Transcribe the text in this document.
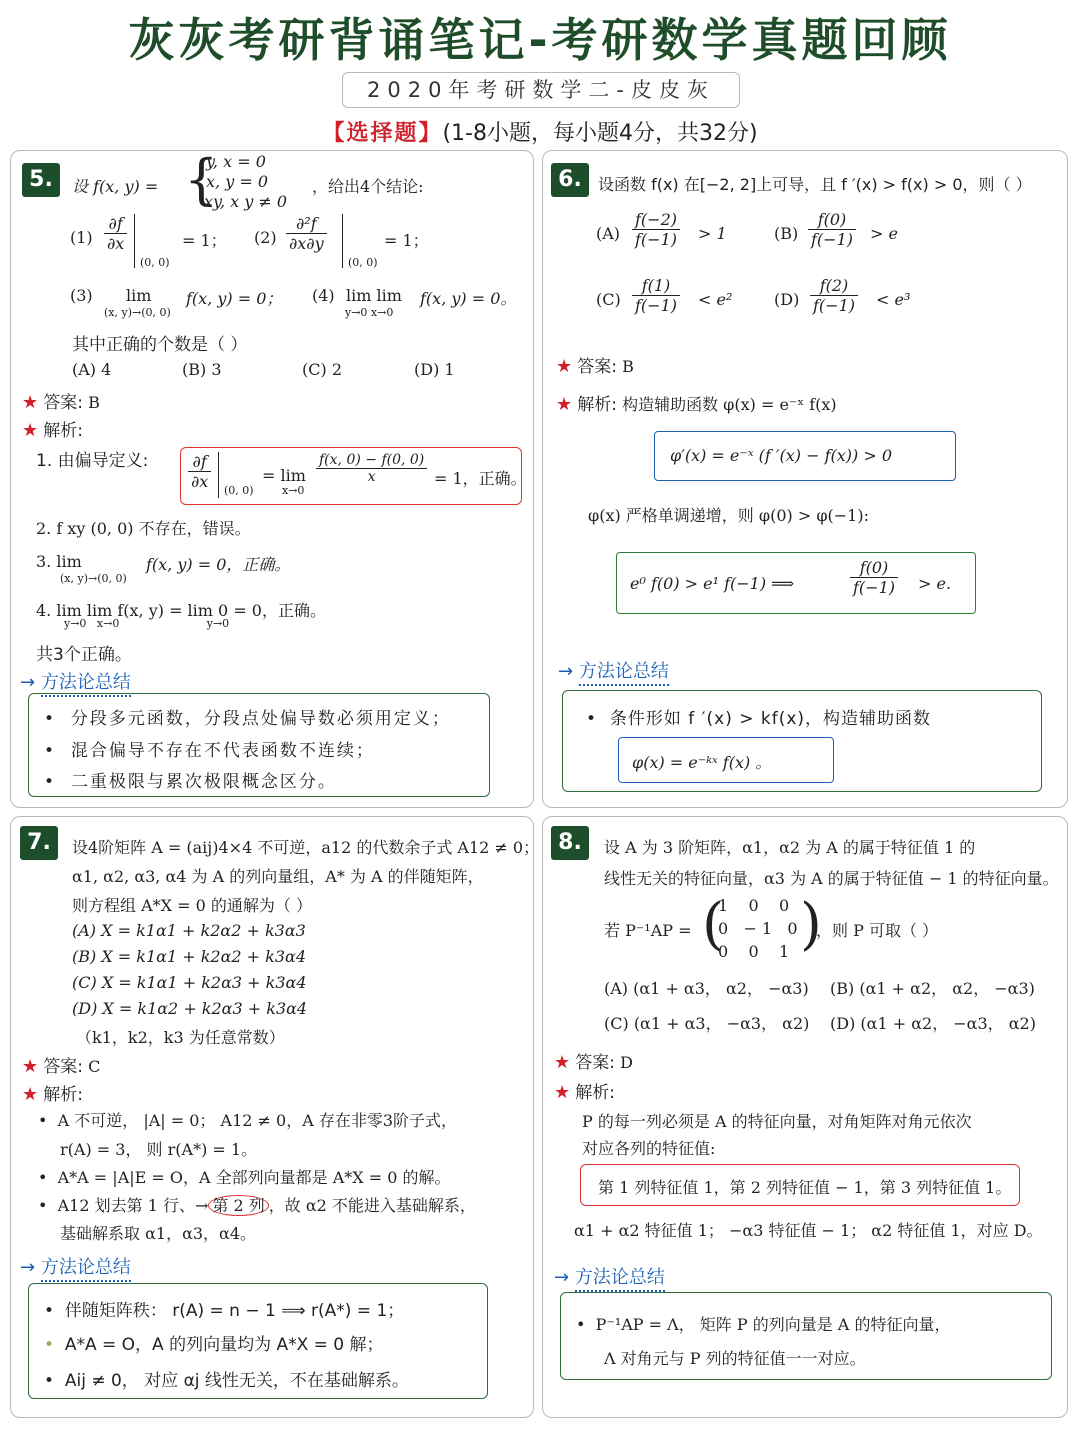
灰灰考研背诵笔记-考研数学真题回顾
2020年考研数学二-皮皮灰
【选择题】(1-8小题，每小题4分，共32分)
5.	设 f(x, y) = {
y, x = 0
x, y = 0
xy, x y ≠ 0
，给出4个结论:
$(1) \frac{\partial f}{\partial x}$
(0, 0)
= 1； $(2) \frac{\text{∂²f}}{\partial x\partial y}$
(0, 0)
= 1；
(3) lim
(x, y)→(0, 0)
f(x, y) = 0； (4) lim lim
y→0 x→0
f(x, y) = 0。
其中正确的个数是（ ）
(A) 4	(B) 3	(C) 2	(D) 1
★ 答案: B
★ 解析:
1. 由偏导定义: $\frac{\partial f}{\partial x} (0$, 0)
= lim
x→0
$\frac{f(x, 0) - f(0, 0)}{x} = 1$，正确。
2. f xy (0, 0) 不存在，错误。
3. lim
(x, y)→(0, 0)
f(x, y) = 0，正确。
4. lim lim f(x, y) = lim 0 = 0，正确。
y→0   x→0                         y→0
共3个正确。
→ 方法论总结
•  分段多元函数，分段点处偏导数必须用定义；
•  混合偏导不存在不代表函数不连续；
•  二重极限与累次极限概念区分。
6.	设函数 f(x) 在[−2, 2]上可导，且 f ′(x) > f(x) > 0，则（ ）
$(A) \frac{f(-2)}{f(-1)} > 1$	$(B) \frac{f(0)}{f(-1)} > e$
$(C) \frac{f(1)}{f(-1)} < e^2$	$(D) \frac{f(2)}{f(-1)} < e^3$
★ 答案: B
★ 解析: 构造辅助函数 φ(x) = e⁻ˣ f(x)
φ′(x) = e⁻ˣ (f ′(x) − f(x)) > 0
φ(x) 严格单调递增，则 φ(0) > φ(−1):
e⁰ f(0) > e¹ f(−1) ⟹	$\frac{f(0)}{f(-1)} > e$.
→ 方法论总结
•  条件形如 f ′(x) > kf(x)，构造辅助函数
φ(x) = e⁻ᵏˣ f(x) 。
7.	设4阶矩阵 A = (aij)4×4 不可逆，a12 的代数余子式 A12 ≠ 0；
α1, α2, α3, α4 为 A 的列向量组，A* 为 A 的伴随矩阵，
则方程组 A*X = 0 的通解为（ ）
(A) X = k1α1 + k2α2 + k3α3
(B) X = k1α1 + k2α2 + k3α4
(C) X = k1α1 + k2α3 + k3α4
(D) X = k1α2 + k2α3 + k3α4
（k1，k2，k3 为任意常数）
★ 答案: C
★ 解析:
•  A 不可逆， |A| = 0； A12 ≠ 0，A 存在非零3阶子式，
r(A) = 3， 则 r(A*) = 1。
•  A*A = |A|E = O，A 全部列向量都是 A*X = 0 的解。
•  A12 划去第 1 行、→ 第 2 列 ，故 α2 不能进入基础解系，
基础解系取 α1，α3，α4。
→ 方法论总结
•  伴随矩阵秩： r(A) = n − 1 ⟹ r(A*) = 1；
• A*A = O，A 的列向量均为 A*X = 0 解；
•  Aij ≠ 0， 对应 αj 线性无关，不在基础解系。
8.	设 A 为 3 阶矩阵，α1，α2 为 A 的属于特征值 1 的
线性无关的特征向量，α3 为 A 的属于特征值 − 1 的特征向量。
若 P⁻¹AP = (
1    0    0
0   − 1   0
0    0    1 )
，则 P 可取（ ）
(A) (α1 + α3， α2， −α3) (B) (α1 + α2， α2， −α3)
(C) (α1 + α3， −α3， α2) (D) (α1 + α2， −α3， α2)
★ 答案: D
★ 解析:
P 的每一列必须是 A 的特征向量，对角矩阵对角元依次
对应各列的特征值:
第 1 列特征值 1，第 2 列特征值 − 1，第 3 列特征值 1。
α1 + α2 特征值 1； −α3 特征值 − 1； α2 特征值 1，对应 D。
→ 方法论总结
•  P⁻¹AP = Λ， 矩阵 P 的列向量是 A 的特征向量，
Λ 对角元与 P 列的特征值一一对应。
